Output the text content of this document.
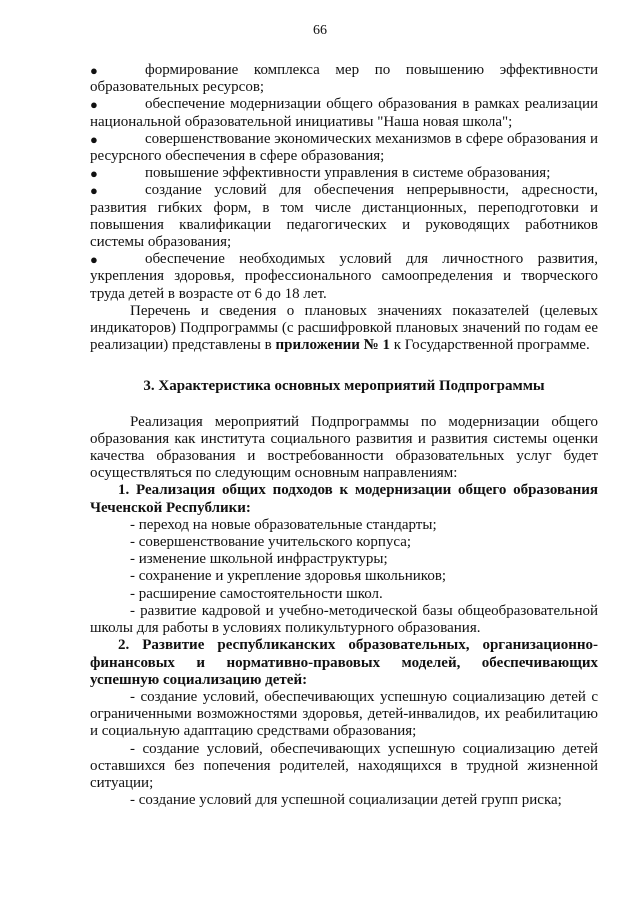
66
●	формирование комплекса мер по повышению эффективности образовательных ресурсов;
●	обеспечение модернизации общего образования в рамках реализации национальной образовательной инициативы "Наша новая школа";
●	совершенствование экономических механизмов в сфере образования и ресурсного обеспечения в сфере образования;
●	повышение эффективности управления в системе образования;
●	создание условий для обеспечения непрерывности, адресности, развития гибких форм, в том числе дистанционных, переподготовки и повышения квалификации педагогических и руководящих работников системы образования;
●	обеспечение необходимых условий для личностного развития, укрепления здоровья, профессионального самоопределения и творческого труда детей в возрасте от 6 до 18 лет.
Перечень и сведения о плановых значениях показателей (целевых индикаторов) Подпрограммы (с расшифровкой плановых значений по годам ее реализации) представлены в приложении № 1 к Государственной программе.
3. Характеристика основных мероприятий Подпрограммы
Реализация мероприятий Подпрограммы по модернизации общего образования как института социального развития и развития системы оценки качества образования и востребованности образовательных услуг будет осуществляться по следующим основным направлениям:
1. Реализация общих подходов к модернизации общего образования Чеченской Республики:
- переход на новые образовательные стандарты;
- совершенствование учительского корпуса;
- изменение школьной инфраструктуры;
- сохранение и укрепление здоровья школьников;
- расширение самостоятельности школ.
- развитие кадровой и учебно-методической базы общеобразовательной школы для работы в условиях поликультурного образования.
2. Развитие республиканских образовательных, организационно-финансовых и нормативно-правовых моделей, обеспечивающих успешную социализацию детей:
- создание условий, обеспечивающих успешную социализацию детей с ограниченными возможностями здоровья, детей-инвалидов, их реабилитацию и социальную адаптацию средствами образования;
- создание условий, обеспечивающих успешную социализацию детей оставшихся без попечения родителей, находящихся в трудной жизненной ситуации;
- создание условий для успешной социализации детей групп риска;
